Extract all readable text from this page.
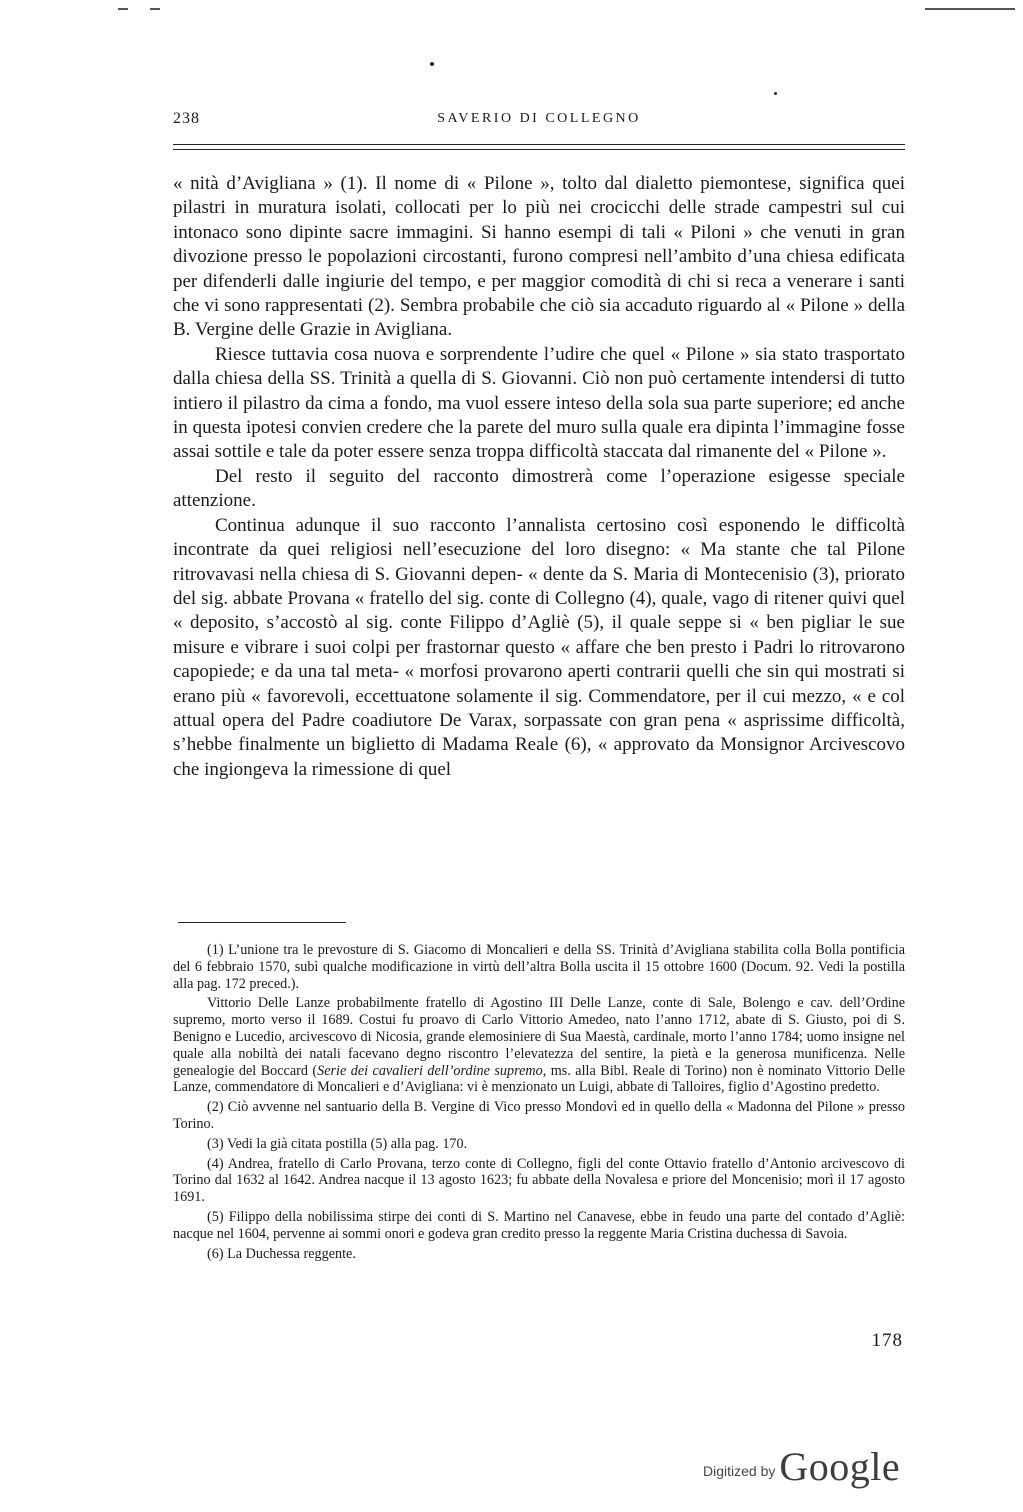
238	SAVERIO DI COLLEGNO

« nità d’Avigliana » (1). Il nome di « Pilone », tolto dal dialetto piemontese, significa quei pilastri in muratura isolati, collocati per lo più nei crocicchi delle strade campestri sul cui intonaco sono dipinte sacre immagini. Si hanno esempi di tali « Piloni » che venuti in gran divozione presso le popolazioni circostanti, furono compresi nell’ambito d’una chiesa edificata per difenderli dalle ingiurie del tempo, e per maggior comodità di chi si reca a venerare i santi che vi sono rappresentati (2). Sembra probabile che ciò sia accaduto riguardo al « Pilone » della B. Vergine delle Grazie in Avigliana.

Riesce tuttavia cosa nuova e sorprendente l’udire che quel « Pilone » sia stato trasportato dalla chiesa della SS. Trinità a quella di S. Giovanni. Ciò non può certamente intendersi di tutto intiero il pilastro da cima a fondo, ma vuol essere inteso della sola sua parte superiore; ed anche in questa ipotesi convien credere che la parete del muro sulla quale era dipinta l’immagine fosse assai sottile e tale da poter essere senza troppa difficoltà staccata dal rimanente del « Pilone ».

Del resto il seguito del racconto dimostrerà come l’operazione esigesse speciale attenzione.

Continua adunque il suo racconto l’annalista certosino così esponendo le difficoltà incontrate da quei religiosi nell’esecuzione del loro disegno: « Ma stante che tal Pilone ritrovavasi nella chiesa di S. Giovanni depen- « dente da S. Maria di Montecenisio (3), priorato del sig. abbate Provana « fratello del sig. conte di Collegno (4), quale, vago di ritener quivi quel « deposito, s’accostò al sig. conte Filippo d’Agliè (5), il quale seppe si « ben pigliar le sue misure e vibrare i suoi colpi per frastornar questo « affare che ben presto i Padri lo ritrovarono capopiede; e da una tal meta- « morfosi provarono aperti contrarii quelli che sin qui mostrati si erano più « favorevoli, eccettuatone solamente il sig. Commendatore, per il cui mezzo, « e col attual opera del Padre coadiutore De Varax, sorpassate con gran pena « asprissime difficoltà, s’hebbe finalmente un biglietto di Madama Reale (6), « approvato da Monsignor Arcivescovo che ingiongeva la rimessione di quel

(1) L’unione tra le prevosture di S. Giacomo di Moncalieri e della SS. Trinità d’Avigliana stabilita colla Bolla pontificia del 6 febbraio 1570, subì qualche modificazione in virtù dell’altra Bolla uscita il 15 ottobre 1600 (Docum. 92. Vedi la postilla alla pag. 172 preced.).

Vittorio Delle Lanze probabilmente fratello di Agostino III Delle Lanze, conte di Sale, Bolengo e cav. dell’Ordine supremo, morto verso il 1689. Costui fu proavo di Carlo Vittorio Amedeo, nato l’anno 1712, abate di S. Giusto, poi di S. Benigno e Lucedio, arcivescovo di Nicosia, grande elemosiniere di Sua Maestà, cardinale, morto l’anno 1784; uomo insigne nel quale alla nobiltà dei natali facevano degno riscontro l’elevatezza del sentire, la pietà e la generosa munificenza. Nelle genealogie del Boccard (Serie dei cavalieri dell’ordine supremo, ms. alla Bibl. Reale di Torino) non è nominato Vittorio Delle Lanze, commendatore di Moncalieri e d’Avigliana: vi è menzionato un Luigi, abbate di Talloires, figlio d’Agostino predetto.

(2) Ciò avvenne nel santuario della B. Vergine di Vico presso Mondovì ed in quello della « Madonna del Pilone » presso Torino.

(3) Vedi la già citata postilla (5) alla pag. 170.

(4) Andrea, fratello di Carlo Provana, terzo conte di Collegno, figli del conte Ottavio fratello d’Antonio arcivescovo di Torino dal 1632 al 1642. Andrea nacque il 13 agosto 1623; fu abbate della Novalesa e priore del Moncenisio; morì il 17 agosto 1691.

(5) Filippo della nobilissima stirpe dei conti di S. Martino nel Canavese, ebbe in feudo una parte del contado d’Agliè: nacque nel 1604, pervenne ai sommi onori e godeva gran credito presso la reggente Maria Cristina duchessa di Savoia.

(6) La Duchessa reggente.

178
Digitized by Google
